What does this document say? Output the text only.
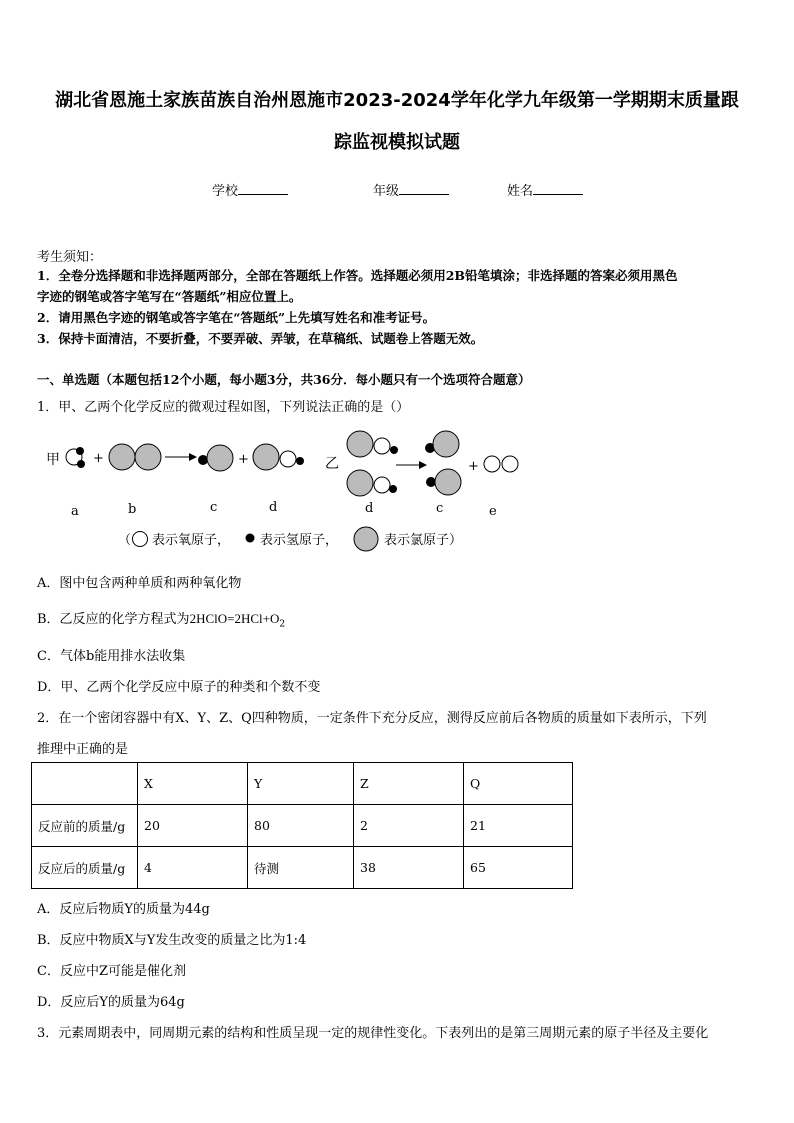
湖北省恩施土家族苗族自治州恩施市2023-2024学年化学九年级第一学期期末质量跟
踪监视模拟试题
学校	年级	姓名
考生须知：
1．全卷分选择题和非选择题两部分，全部在答题纸上作答。选择题必须用2B铅笔填涂；非选择题的答案必须用黑色
字迹的钢笔或答字笔写在“答题纸”相应位置上。
2．请用黑色字迹的钢笔或答字笔在“答题纸”上先填写姓名和准考证号。
3．保持卡面清洁，不要折叠，不要弄破、弄皱，在草稿纸、试题卷上答题无效。
一、单选题（本题包括12个小题，每小题3分，共36分．每小题只有一个选项符合题意）
1．甲、乙两个化学反应的微观过程如图，下列说法正确的是（）
甲	+	+	乙	+
a	b	c	d	d	c	e
（ 表示氧原子， 表示氢原子，	表示氯原子）
A．图中包含两种单质和两种氧化物
B．乙反应的化学方程式为$2HClO=2HCl+O_2$
C．气体b能用排水法收集
D．甲、乙两个化学反应中原子的种类和个数不变
2．在一个密闭容器中有X、Y、Z、Q四种物质，一定条件下充分反应，测得反应前后各物质的质量如下表所示，下列
推理中正确的是
	X	Y	Z	Q
反应前的质量/g	20	80	2	21
反应后的质量/g	4	待测	38	65
A．反应后物质Y的质量为44g
B．反应中物质X与Y发生改变的质量之比为1:4
C．反应中Z可能是催化剂
D．反应后Y的质量为64g
3．元素周期表中，同周期元素的结构和性质呈现一定的规律性变化。下表列出的是第三周期元素的原子半径及主要化
